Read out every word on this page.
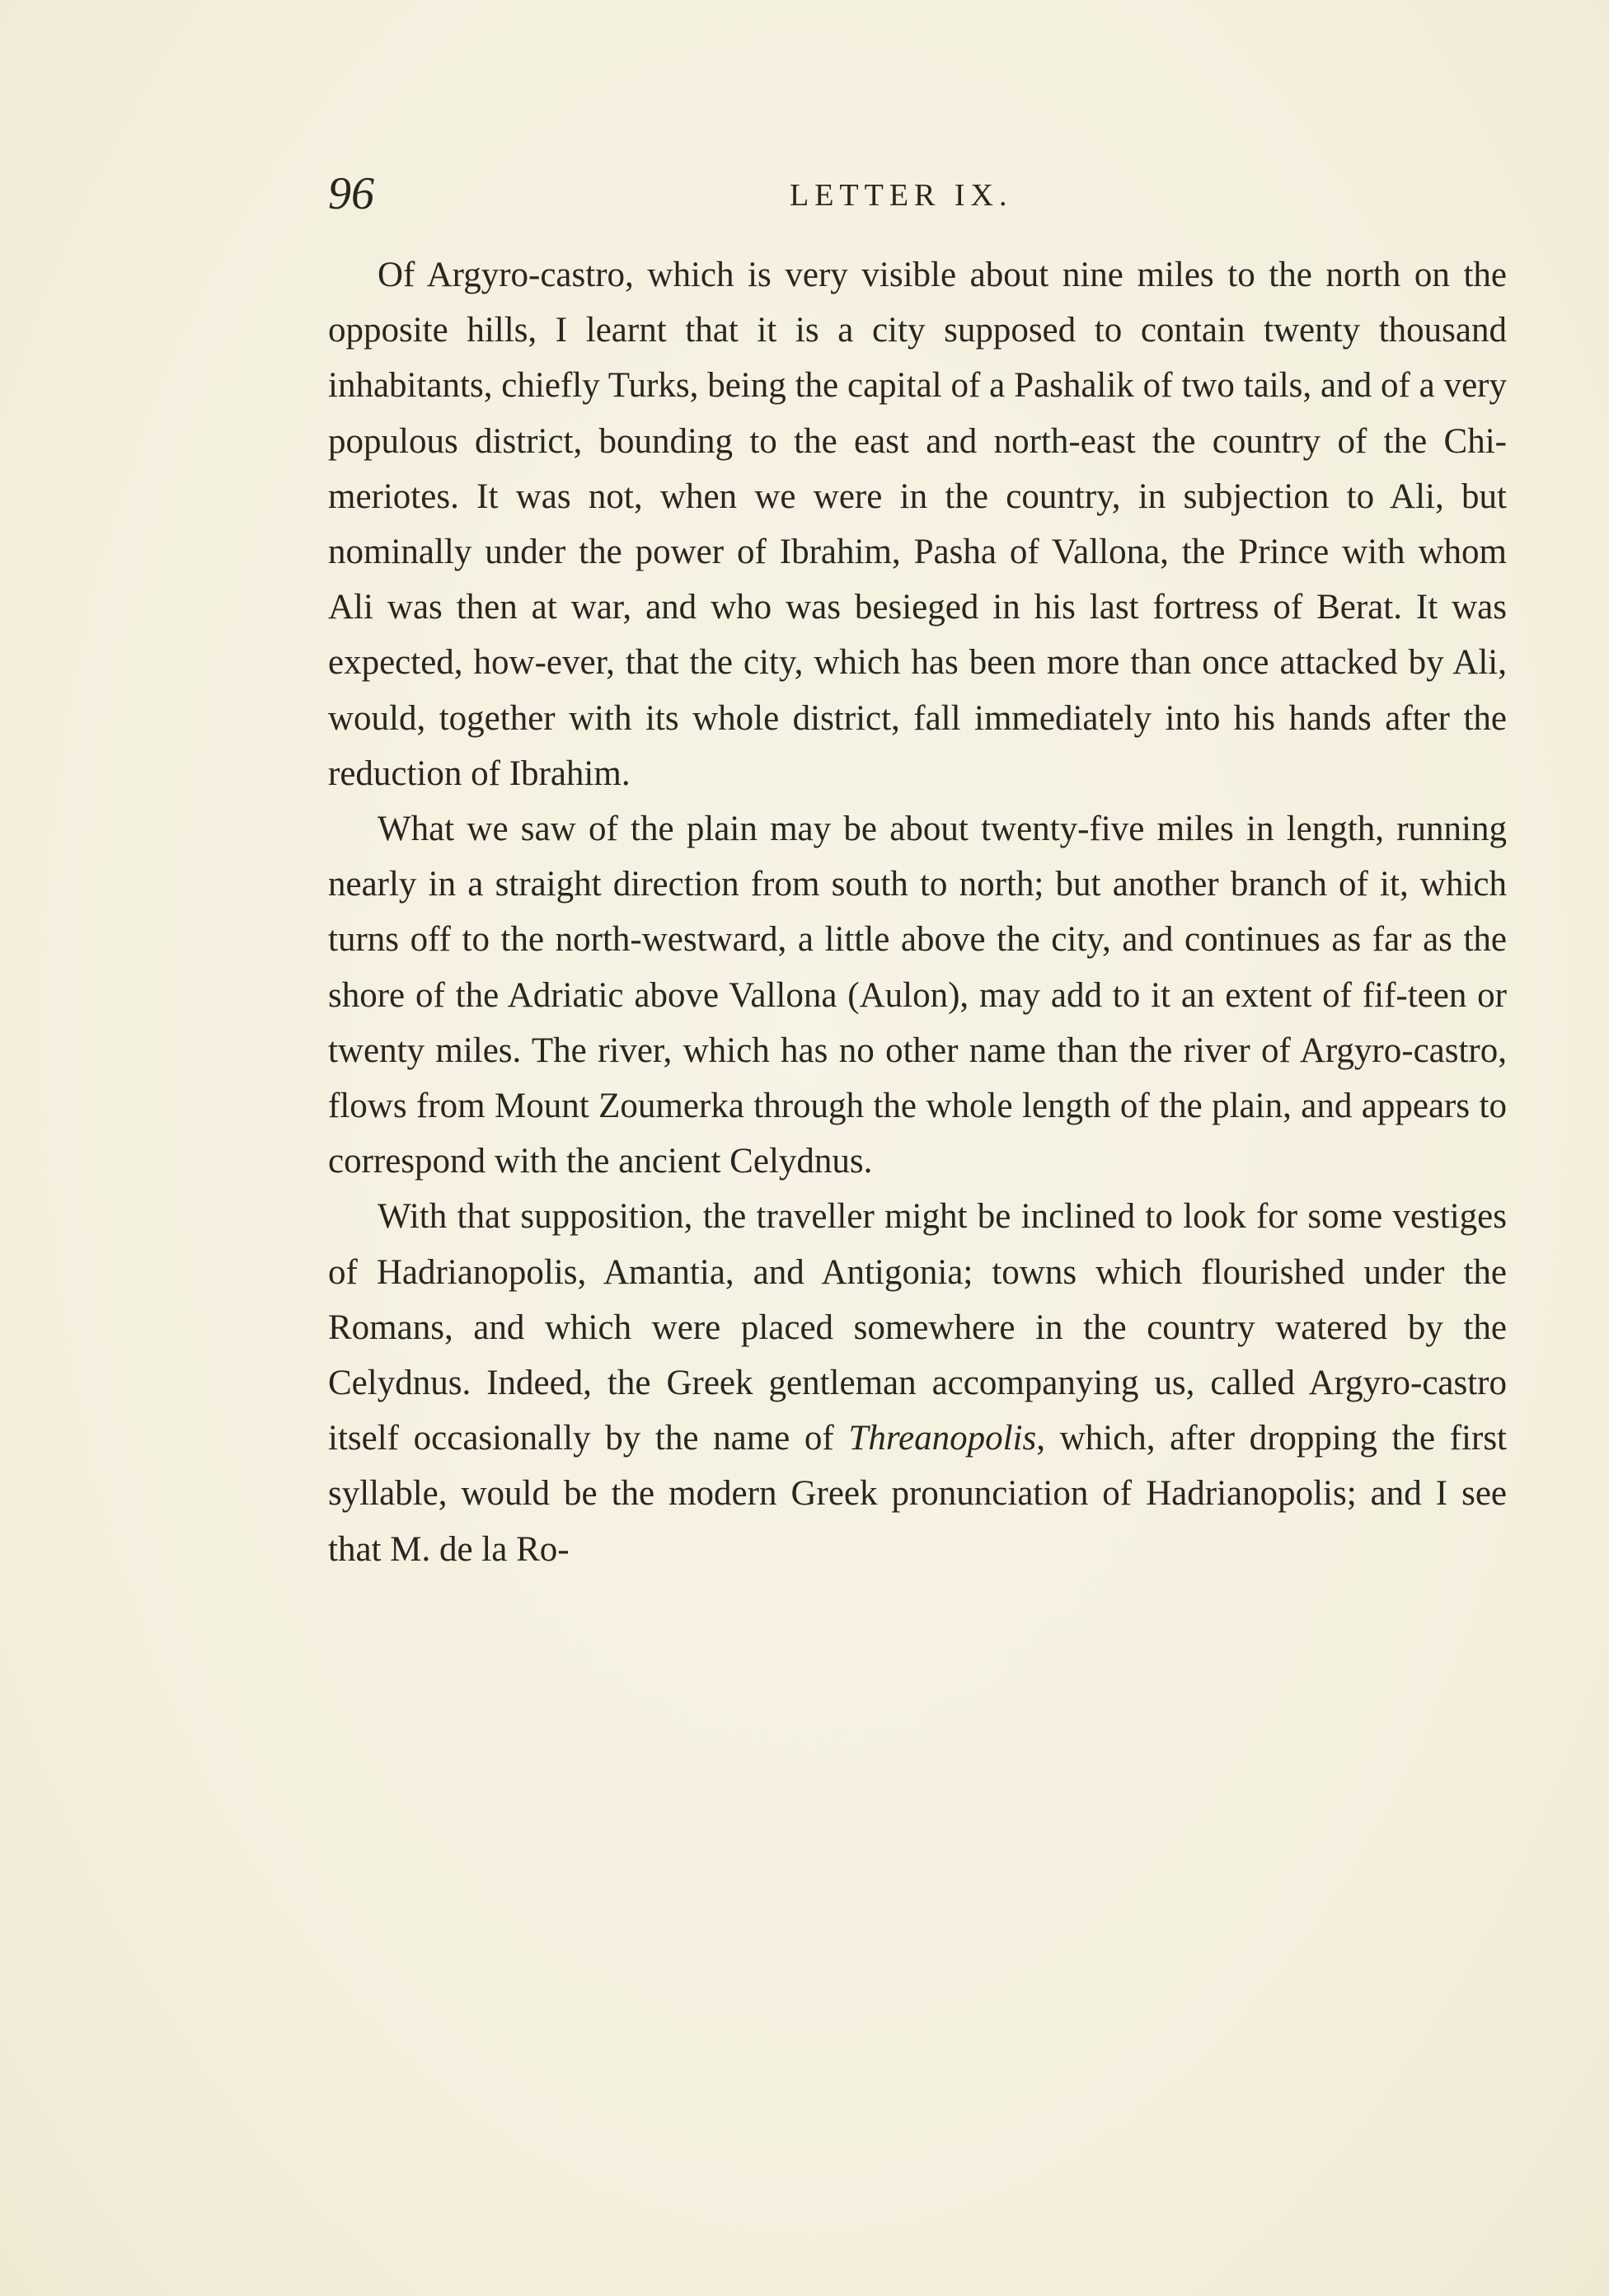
96	LETTER IX.

Of Argyro-castro, which is very visible about nine miles to the north on the opposite hills, I learnt that it is a city supposed to contain twenty thousand inhabitants, chiefly Turks, being the capital of a Pashalik of two tails, and of a very populous district, bounding to the east and north-east the country of the Chi-meriotes. It was not, when we were in the country, in subjection to Ali, but nominally under the power of Ibrahim, Pasha of Vallona, the Prince with whom Ali was then at war, and who was besieged in his last fortress of Berat. It was expected, how-ever, that the city, which has been more than once attacked by Ali, would, together with its whole district, fall immediately into his hands after the reduction of Ibrahim.

What we saw of the plain may be about twenty-five miles in length, running nearly in a straight direction from south to north; but another branch of it, which turns off to the north-westward, a little above the city, and continues as far as the shore of the Adriatic above Vallona (Aulon), may add to it an extent of fif-teen or twenty miles. The river, which has no other name than the river of Argyro-castro, flows from Mount Zoumerka through the whole length of the plain, and appears to correspond with the ancient Celydnus.

With that supposition, the traveller might be inclined to look for some vestiges of Hadrianopolis, Amantia, and Antigonia; towns which flourished under the Romans, and which were placed somewhere in the country watered by the Celydnus. Indeed, the Greek gentleman accompanying us, called Argyro-castro itself occasionally by the name of Threanopolis, which, after dropping the first syllable, would be the modern Greek pronunciation of Hadrianopolis; and I see that M. de la Ro-
